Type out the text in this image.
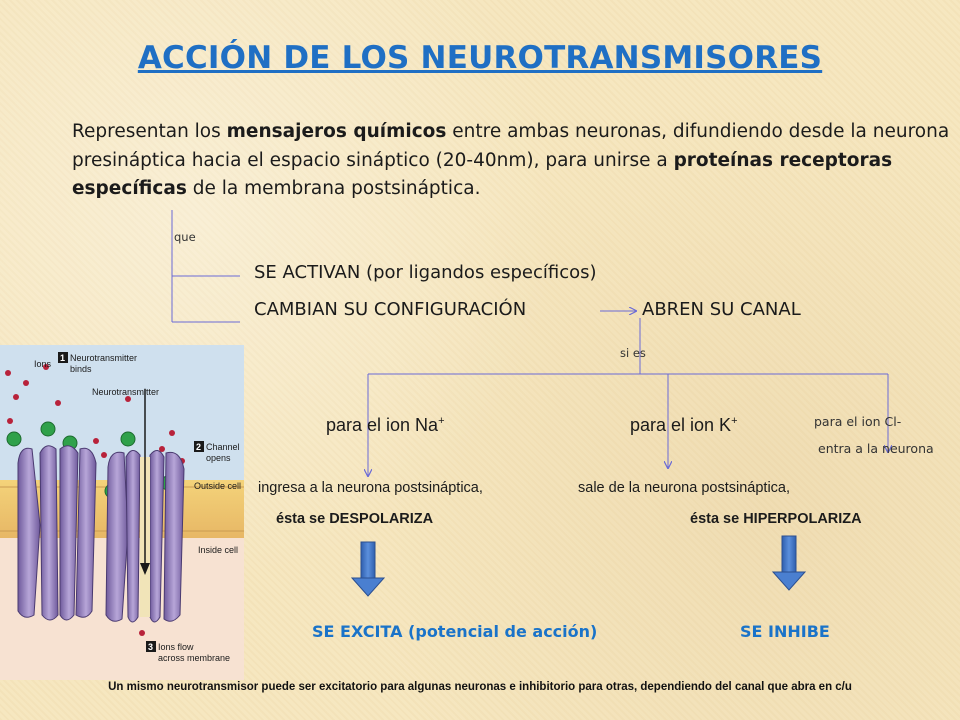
ACCIÓN DE LOS NEUROTRANSMISORES
Representan los mensajeros químicos entre ambas neuronas, difundiendo desde la neurona presináptica hacia el espacio sináptico (20-40nm), para unirse a proteínas receptoras específicas de la membrana postsináptica.
que
SE ACTIVAN (por ligandos específicos)
CAMBIAN SU CONFIGURACIÓN	ABREN SU CANAL
si es
para el ion Na+	para el ion K+	para el ion Cl-
entra a la neurona
ingresa a la neurona postsináptica,	sale de la neurona postsináptica,
ésta se DESPOLARIZA	ésta se HIPERPOLARIZA
SE EXCITA (potencial de acción)	SE INHIBE
Ions
1 Neurotransmitter
binds
Neurotransmitter
2 Channel
opens
Outside cell
Inside cell
3 Ions flow
across membrane
Un mismo neurotransmisor puede ser excitatorio para algunas neuronas e inhibitorio para otras, dependiendo del canal que abra en c/u
